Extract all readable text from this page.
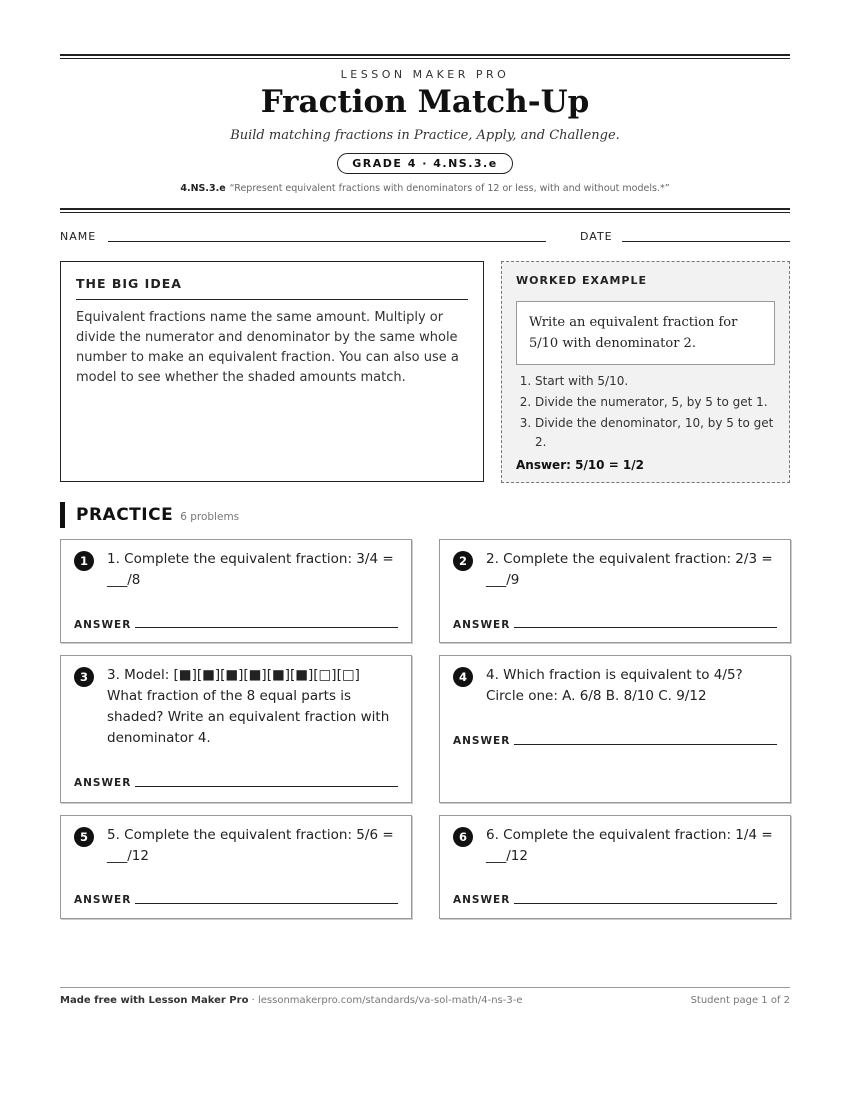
LESSON MAKER PRO
Fraction Match-Up
Build matching fractions in Practice, Apply, and Challenge.
GRADE 4 · 4.NS.3.e
4.NS.3.e “Represent equivalent fractions with denominators of 12 or less, with and without models.*”
NAME	DATE
THE BIG IDEA

Equivalent fractions name the same amount. Multiply or divide the numerator and denominator by the same whole number to make an equivalent fraction. You can also use a model to see whether the shaded amounts match.

WORKED EXAMPLE
Write an equivalent fraction for 5/10 with denominator 2.
1. Start with 5/10.
2. Divide the numerator, 5, by 5 to get 1.
3. Divide the denominator, 10, by 5 to get 2.
Answer: 5/10 = 1/2
PRACTICE 6 problems
1	1. Complete the equivalent fraction: 3/4 = ___/8
ANSWER
2	2. Complete the equivalent fraction: 2/3 = ___/9
ANSWER
3	3. Model: [■][■][■][■][■][■][□][□] What fraction of the 8 equal parts is shaded? Write an equivalent fraction with denominator 4.
ANSWER
4	4. Which fraction is equivalent to 4/5? Circle one: A. 6/8 B. 8/10 C. 9/12
ANSWER
5	5. Complete the equivalent fraction: 5/6 = ___/12
ANSWER
6	6. Complete the equivalent fraction: 1/4 = ___/12
ANSWER
Made free with Lesson Maker Pro · lessonmakerpro.com/standards/va-sol-math/4-ns-3-e	Student page 1 of 2
